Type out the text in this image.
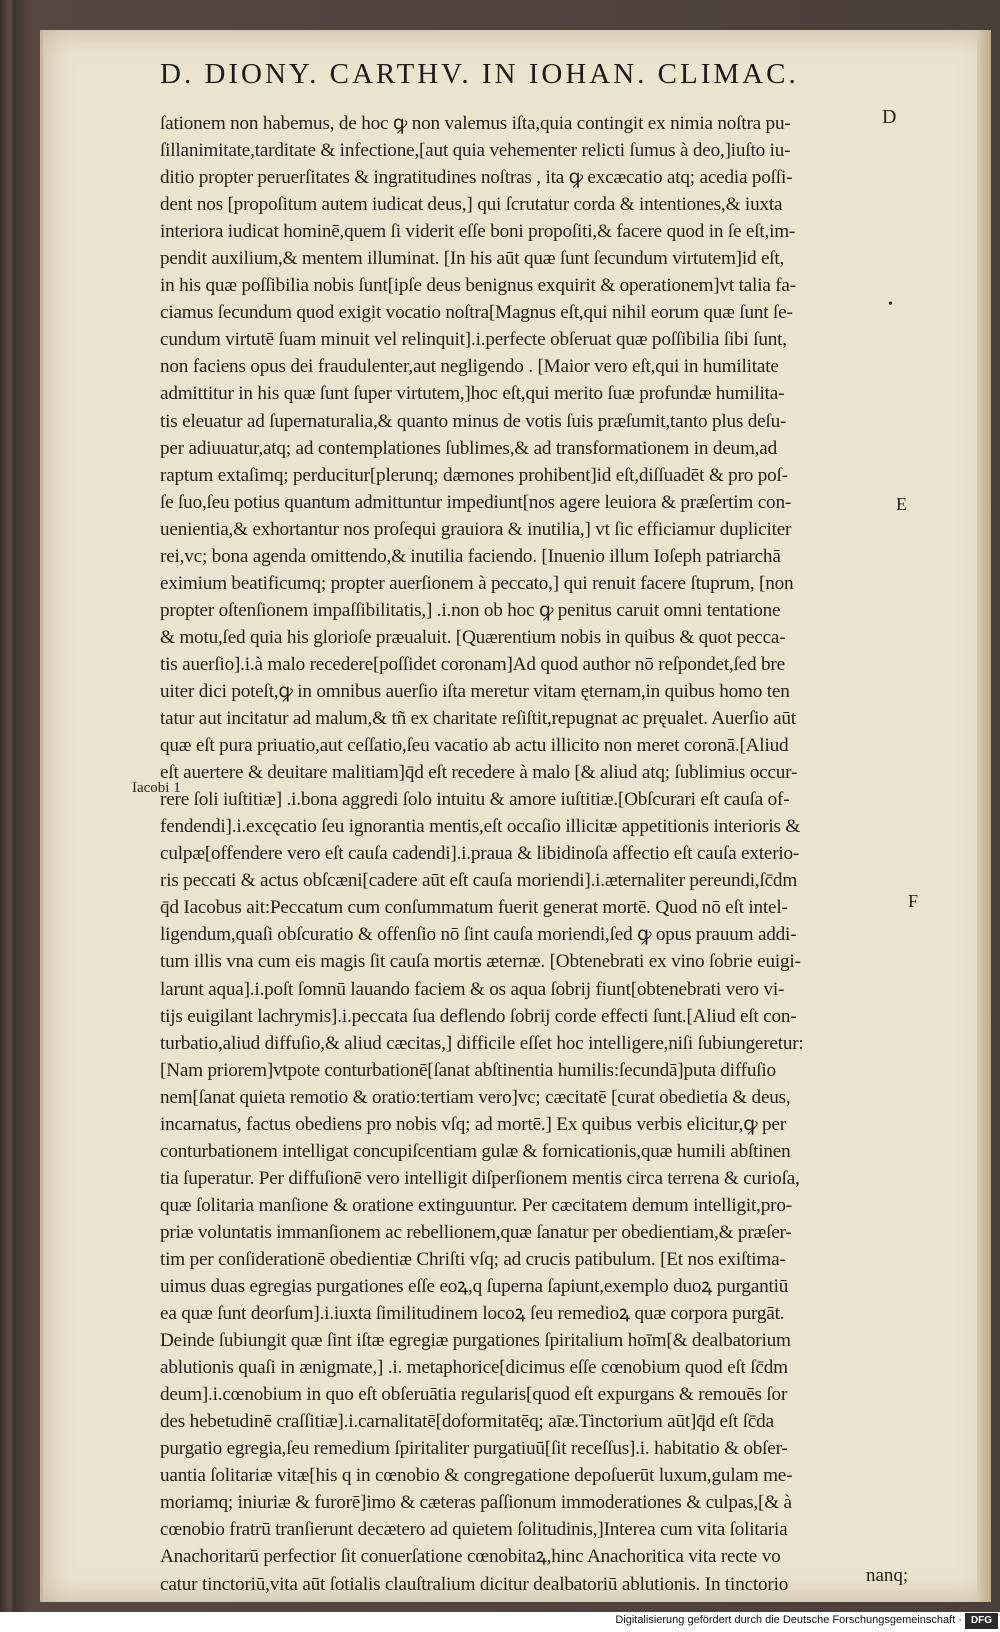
D. DIONY. CARTHV. IN IOHAN. CLIMAC.
ſationem non habemus, de hoc ꝙ non valemus iſta,quia contingit ex nimia noſtra pu-
ſillanimitate,tarditate & infectione,[aut quia vehementer relicti ſumus à deo,]iuſto iu-
ditio propter peruerſitates & ingratitudines noſtras , ita ꝙ excæcatio atq; acedia poſſi-
dent nos [propoſitum autem iudicat deus,] qui ſcrutatur corda & intentiones,& iuxta
interiora iudicat hominē,quem ſi viderit eſſe boni propoſiti,& facere quod in ſe eſt,im-
pendit auxilium,& mentem illuminat. [In his aūt quæ ſunt ſecundum virtutem]id eſt,
in his quæ poſſibilia nobis ſunt[ipſe deus benignus exquirit & operationem]vt talia fa-
ciamus ſecundum quod exigit vocatio noſtra[Magnus eſt,qui nihil eorum quæ ſunt ſe-
cundum virtutē ſuam minuit vel relinquit].i.perfecte obſeruat quæ poſſibilia ſibi ſunt,
non faciens opus dei fraudulenter,aut negligendo . [Maior vero eſt,qui in humilitate
admittitur in his quæ ſunt ſuper virtutem,]hoc eſt,qui merito ſuæ profundæ humilita-
tis eleuatur ad ſupernaturalia,& quanto minus de votis ſuis præſumit,tanto plus deſu-
per adiuuatur,atq; ad contemplationes ſublimes,& ad transformationem in deum,ad
raptum extaſimq; perducitur[plerunq; dæmones prohibent]id eſt,diſſuadēt & pro poſ-
ſe ſuo,ſeu potius quantum admittuntur impediunt[nos agere leuiora & præſertim con-
uenientia,& exhortantur nos proſequi grauiora & inutilia,] vt ſic efficiamur dupliciter
rei,vc; bona agenda omittendo,& inutilia faciendo. [Inuenio illum Ioſeph patriarchā
eximium beatificumq; propter auerſionem à peccato,] qui renuit facere ſtuprum, [non
propter oſtenſionem impaſſibilitatis,] .i.non ob hoc ꝙ penitus caruit omni tentatione
& motu,ſed quia his glorioſe præualuit. [Quærentium nobis in quibus & quot pecca-
tis auerſio].i.à malo recedere[poſſidet coronam]Ad quod author nō reſpondet,ſed bre
uiter dici poteſt,ꝙ in omnibus auerſio iſta meretur vitam ęternam,in quibus homo ten
tatur aut incitatur ad malum,& tñ ex charitate reſiſtit,repugnat ac pręualet. Auerſio aūt
quæ eſt pura priuatio,aut ceſſatio,ſeu vacatio ab actu illicito non meret coronā.[Aliud
eſt auertere & deuitare malitiam]q̄d eſt recedere à malo [& aliud atq; ſublimius occur-
rere ſoli iuſtitiæ] .i.bona aggredi ſolo intuitu & amore iuſtitiæ.[Obſcurari eſt cauſa of-
fendendi].i.excęcatio ſeu ignorantia mentis,eſt occaſio illicitæ appetitionis interioris &
culpæ[offendere vero eſt cauſa cadendi].i.praua & libidinoſa affectio eſt cauſa exterio-
ris peccati & actus obſcæni[cadere aūt eſt cauſa moriendi].i.æternaliter pereundi,ſc̄dm
q̄d Iacobus ait:Peccatum cum conſummatum fuerit generat mortē. Quod nō eſt intel-
ligendum,quaſi obſcuratio & offenſio nō ſint cauſa moriendi,ſed ꝙ opus prauum addi-
tum illis vna cum eis magis ſit cauſa mortis æternæ. [Obtenebrati ex vino ſobrie euigi-
larunt aqua].i.poſt ſomnū lauando faciem & os aqua ſobrij fiunt[obtenebrati vero vi-
tijs euigilant lachrymis].i.peccata ſua deflendo ſobrij corde effecti ſunt.[Aliud eſt con-
turbatio,aliud diffuſio,& aliud cæcitas,] difficile eſſet hoc intelligere,niſi ſubiungeretur:
[Nam priorem]vtpote conturbationē[ſanat abſtinentia humilis:ſecundā]puta diffuſio
nem[ſanat quieta remotio & oratio:tertiam vero]vc; cæcitatē [curat obedietia & deus,
incarnatus, factus obediens pro nobis vſq; ad mortē.] Ex quibus verbis elicitur,ꝙ per
conturbationem intelligat concupiſcentiam gulæ & fornicationis,quæ humili abſtinen
tia ſuperatur. Per diffuſionē vero intelligit diſperſionem mentis circa terrena & curioſa,
quæ ſolitaria manſione & oratione extinguuntur. Per cæcitatem demum intelligit,pro-
priæ voluntatis immanſionem ac rebellionem,quæ ſanatur per obedientiam,& præſer-
tim per conſiderationē obedientiæ Chriſti vſq; ad crucis patibulum. [Et nos exiſtima-
uimus duas egregias purgationes eſſe eoꝝ,q ſuperna ſapiunt,exemplo duoꝝ purgantiū
ea quæ ſunt deorſum].i.iuxta ſimilitudinem locoꝝ ſeu remedioꝝ quæ corpora purgāt.
Deinde ſubiungit quæ ſint iſtæ egregiæ purgationes ſpiritalium hoīm[& dealbatorium
ablutionis quaſi in ænigmate,] .i. metaphorice[dicimus eſſe cœnobium quod eſt ſc̄dm
deum].i.cœnobium in quo eſt obſeruātia regularis[quod eſt expurgans & remouēs ſor
des hebetudinē craſſitiæ].i.carnalitatē[doformitatēq; aīæ.Tinctorium aūt]q̄d eſt ſc̄da
purgatio egregia,ſeu remedium ſpiritaliter purgatiuū[ſit receſſus].i. habitatio & obſer-
uantia ſolitariæ vitæ[his q in cœnobio & congregatione depoſuerūt luxum,gulam me-
moriamq; iniuriæ & furorē]imo & cæteras paſſionum immoderationes & culpas,[& à
cœnobio fratrū tranſierunt decætero ad quietem ſolitudinis,]Interea cum vita ſolitaria
Anachoritarū perfectior ſit conuerſatione cœnobitaꝝ,hinc Anachoritica vita recte vo
catur tinctoriū,vita aūt ſotialis clauſtralium dicitur dealbatoriū ablutionis. In tinctorio
D
•
E
F
Iacobi 1
nanq;
Digitalisierung gefördert durch die Deutsche Forschungsgemeinschaft · DFG
